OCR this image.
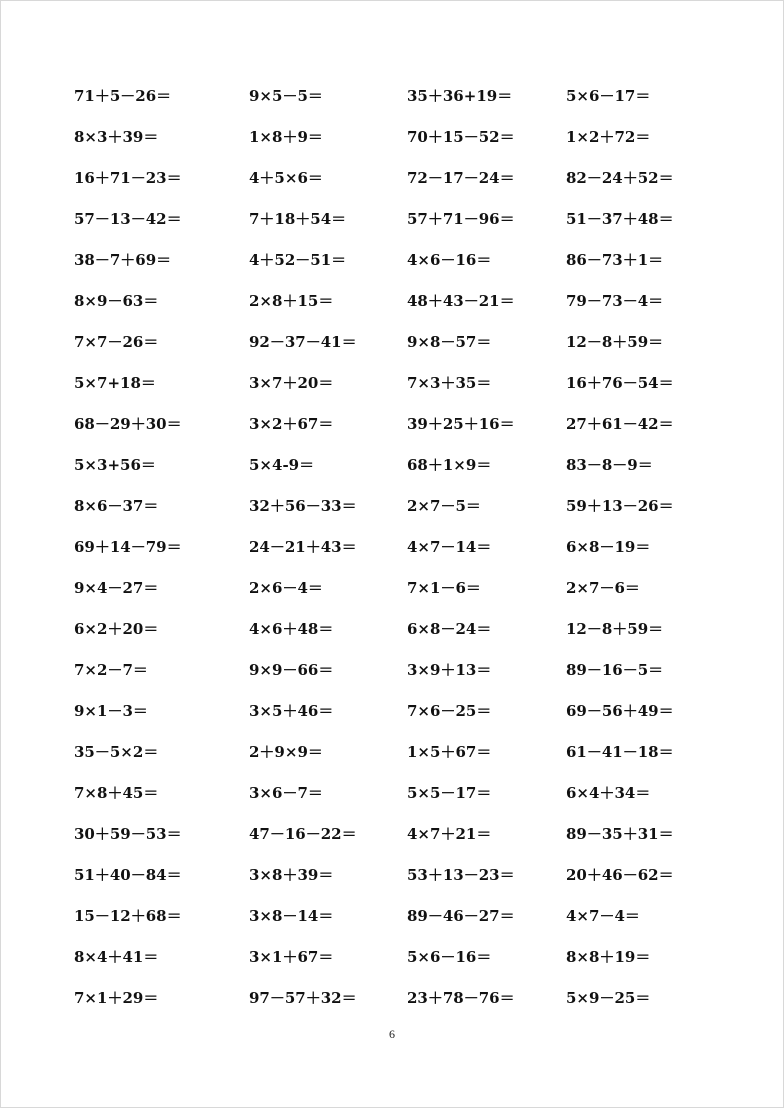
71＋5－26＝	9×5－5＝	35＋36+19＝	5×6－17＝
8×3＋39＝	1×8＋9＝	70＋15－52＝	1×2＋72＝
16＋71－23＝	4＋5×6＝	72－17－24＝	82－24＋52＝
57－13－42＝	7＋18＋54＝	57＋71－96＝	51－37＋48＝
38－7＋69＝	4＋52－51＝	4×6－16＝	86－73＋1＝
8×9－63＝	2×8＋15＝	48＋43－21＝	79－73－4＝
7×7－26＝	92－37－41＝	9×8－57＝	12－8＋59＝
5×7+18＝	3×7＋20＝	7×3＋35＝	16＋76－54＝
68－29＋30＝	3×2＋67＝	39＋25＋16＝	27＋61－42＝
5×3+56＝	5×4-9＝	68＋1×9＝	83－8－9＝
8×6－37＝	32＋56－33＝	2×7－5＝	59＋13－26＝
69＋14－79＝	24－21＋43＝	4×7－14＝	6×8－19＝
9×4－27＝	2×6－4＝	7×1－6＝	2×7－6＝
6×2＋20＝	4×6＋48＝	6×8－24＝	12－8＋59＝
7×2－7＝	9×9－66＝	3×9＋13＝	89－16－5＝
9×1－3＝	3×5＋46＝	7×6－25＝	69－56＋49＝
35－5×2＝	2＋9×9＝	1×5＋67＝	61－41－18＝
7×8＋45＝	3×6－7＝	5×5－17＝	6×4＋34＝
30＋59－53＝	47－16－22＝	4×7＋21＝	89－35＋31＝
51＋40－84＝	3×8＋39＝	53＋13－23＝	20＋46－62＝
15－12＋68＝	3×8－14＝	89－46－27＝	4×7－4＝
8×4＋41＝	3×1＋67＝	5×6－16＝	8×8＋19＝
7×1＋29＝	97－57＋32＝	23＋78－76＝	5×9－25＝
6
